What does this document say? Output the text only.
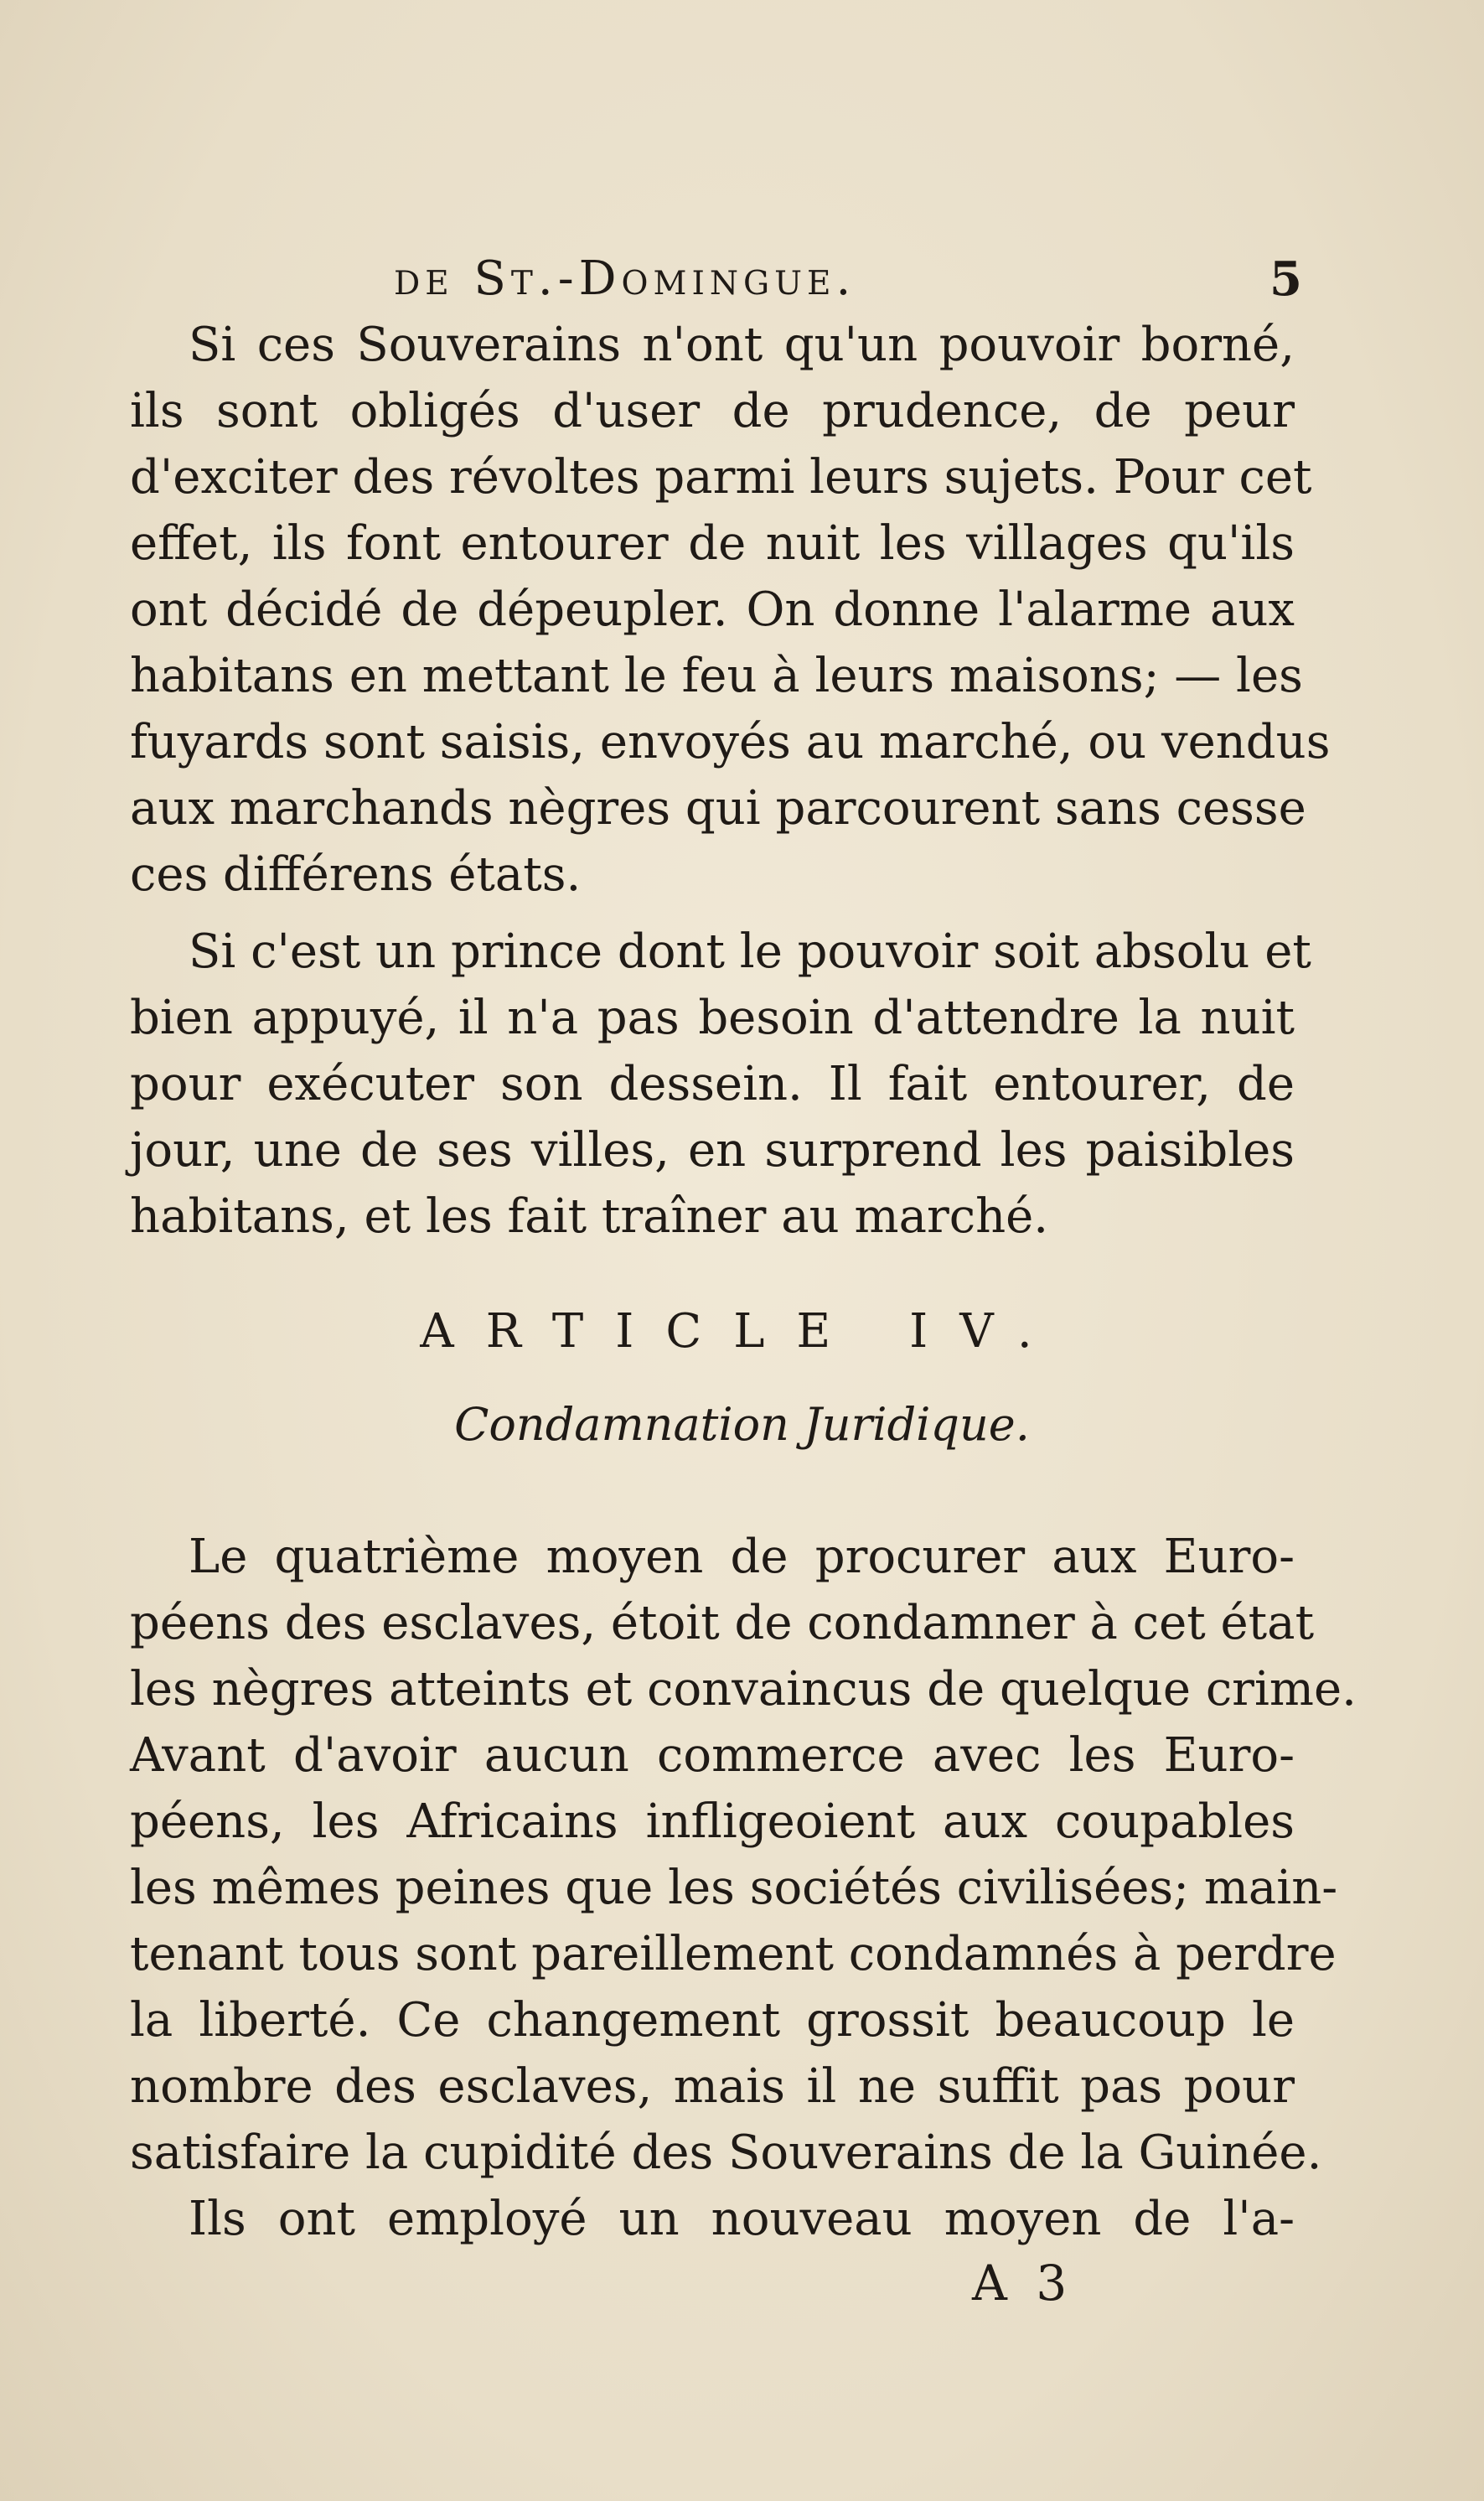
de St.-Domingue.	5
Si ces Souverains n'ont qu'un pouvoir borné,
ils sont obligés d'user de prudence, de peur
d'exciter des révoltes parmi leurs sujets. Pour cet
effet, ils font entourer de nuit les villages qu'ils
ont décidé de dépeupler. On donne l'alarme aux
habitans en mettant le feu à leurs maisons; — les
fuyards sont saisis, envoyés au marché, ou vendus
aux marchands nègres qui parcourent sans cesse
ces différens états.
Si c'est un prince dont le pouvoir soit absolu et
bien appuyé, il n'a pas besoin d'attendre la nuit
pour exécuter son dessein. Il fait entourer, de
jour, une de ses villes, en surprend les paisibles
habitans, et les fait traîner au marché.
ARTICLE IV.
Condamnation Juridique.
Le quatrième moyen de procurer aux Euro-
péens des esclaves, étoit de condamner à cet état
les nègres atteints et convaincus de quelque crime.
Avant d'avoir aucun commerce avec les Euro-
péens, les Africains infligeoient aux coupables
les mêmes peines que les sociétés civilisées; main-
tenant tous sont pareillement condamnés à perdre
la liberté. Ce changement grossit beaucoup le
nombre des esclaves, mais il ne suffit pas pour
satisfaire la cupidité des Souverains de la Guinée.
Ils ont employé un nouveau moyen de l'a-
A 3
